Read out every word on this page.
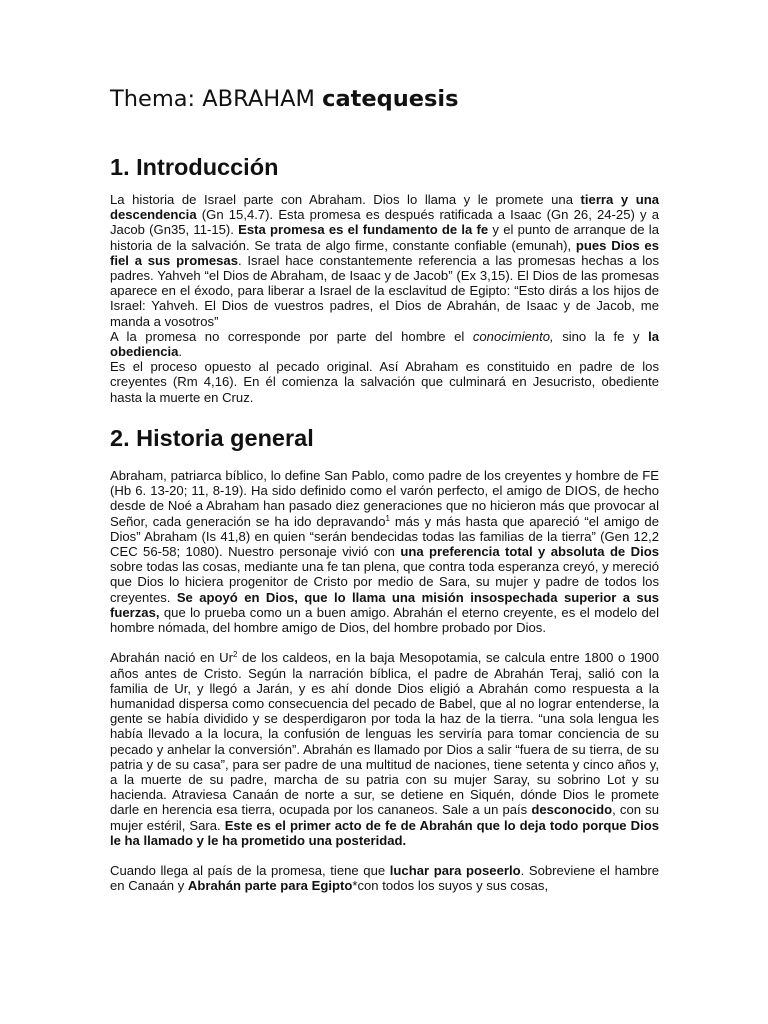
Thema: ABRAHAM catequesis
1. Introducción

La historia de Israel parte con Abraham. Dios lo llama y le promete una tierra y una descendencia (Gn 15,4.7). Esta promesa es después ratificada a Isaac (Gn 26, 24-25) y a Jacob (Gn35, 11-15). Esta promesa es el fundamento de la fe y el punto de arranque de la historia de la salvación. Se trata de algo firme, constante confiable (emunah), pues Dios es fiel a sus promesas. Israel hace constantemente referencia a las promesas hechas a los padres. Yahveh “el Dios de Abraham, de Isaac y de Jacob” (Ex 3,15). El Dios de las promesas aparece en el éxodo, para liberar a Israel de la esclavitud de Egipto: “Esto dirás a los hijos de Israel: Yahveh. El Dios de vuestros padres, el Dios de Abrahán, de Isaac y de Jacob, me manda a vosotros”

A la promesa no corresponde por parte del hombre el conocimiento, sino la fe y la obediencia.

Es el proceso opuesto al pecado original. Así Abraham es constituido en padre de los creyentes (Rm 4,16). En él comienza la salvación que culminará en Jesucristo, obediente hasta la muerte en Cruz.

2. Historia general

Abraham, patriarca bíblico, lo define San Pablo, como padre de los creyentes y hombre de FE (Hb 6. 13-20; 11, 8-19). Ha sido definido como el varón perfecto, el amigo de DIOS, de hecho desde de Noé a Abraham han pasado diez generaciones que no hicieron más que provocar al Señor, cada generación se ha ido depravando$^1$ más y más hasta que apareció “el amigo de Dios” Abraham (Is 41,8) en quien “serán bendecidas todas las familias de la tierra” (Gen 12,2 CEC 56-58; 1080). Nuestro personaje vivió con una preferencia total y absoluta de Dios sobre todas las cosas, mediante una fe tan plena, que contra toda esperanza creyó, y mereció que Dios lo hiciera progenitor de Cristo por medio de Sara, su mujer y padre de todos los creyentes. Se apoyó en Dios, que lo llama una misión insospechada superior a sus fuerzas, que lo prueba como un a buen amigo. Abrahán el eterno creyente, es el modelo del hombre nómada, del hombre amigo de Dios, del hombre probado por Dios.

Abrahán nació en Ur$^2$ de los caldeos, en la baja Mesopotamia, se calcula entre 1800 o 1900 años antes de Cristo. Según la narración bíblica, el padre de Abrahán Teraj, salió con la familia de Ur, y llegó a Jarán, y es ahí donde Dios eligió a Abrahán como respuesta a la humanidad dispersa como consecuencia del pecado de Babel, que al no lograr entenderse, la gente se había dividido y se desperdigaron por toda la haz de la tierra. “una sola lengua les había llevado a la locura, la confusión de lenguas les serviría para tomar conciencia de su pecado y anhelar la conversión”. Abrahán es llamado por Dios a salir “fuera de su tierra, de su patria y de su casa”, para ser padre de una multitud de naciones, tiene setenta y cinco años y, a la muerte de su padre, marcha de su patria con su mujer Saray, su sobrino Lot y su hacienda. Atraviesa Canaán de norte a sur, se detiene en Siquén, dónde Dios le promete darle en herencia esa tierra, ocupada por los cananeos. Sale a un país desconocido, con su mujer estéril, Sara. Este es el primer acto de fe de Abrahán que lo deja todo porque Dios le ha llamado y le ha prometido una posteridad.

Cuando llega al país de la promesa, tiene que luchar para poseerlo. Sobreviene el hambre en Canaán y Abrahán parte para Egipto*con todos los suyos y sus cosas,
